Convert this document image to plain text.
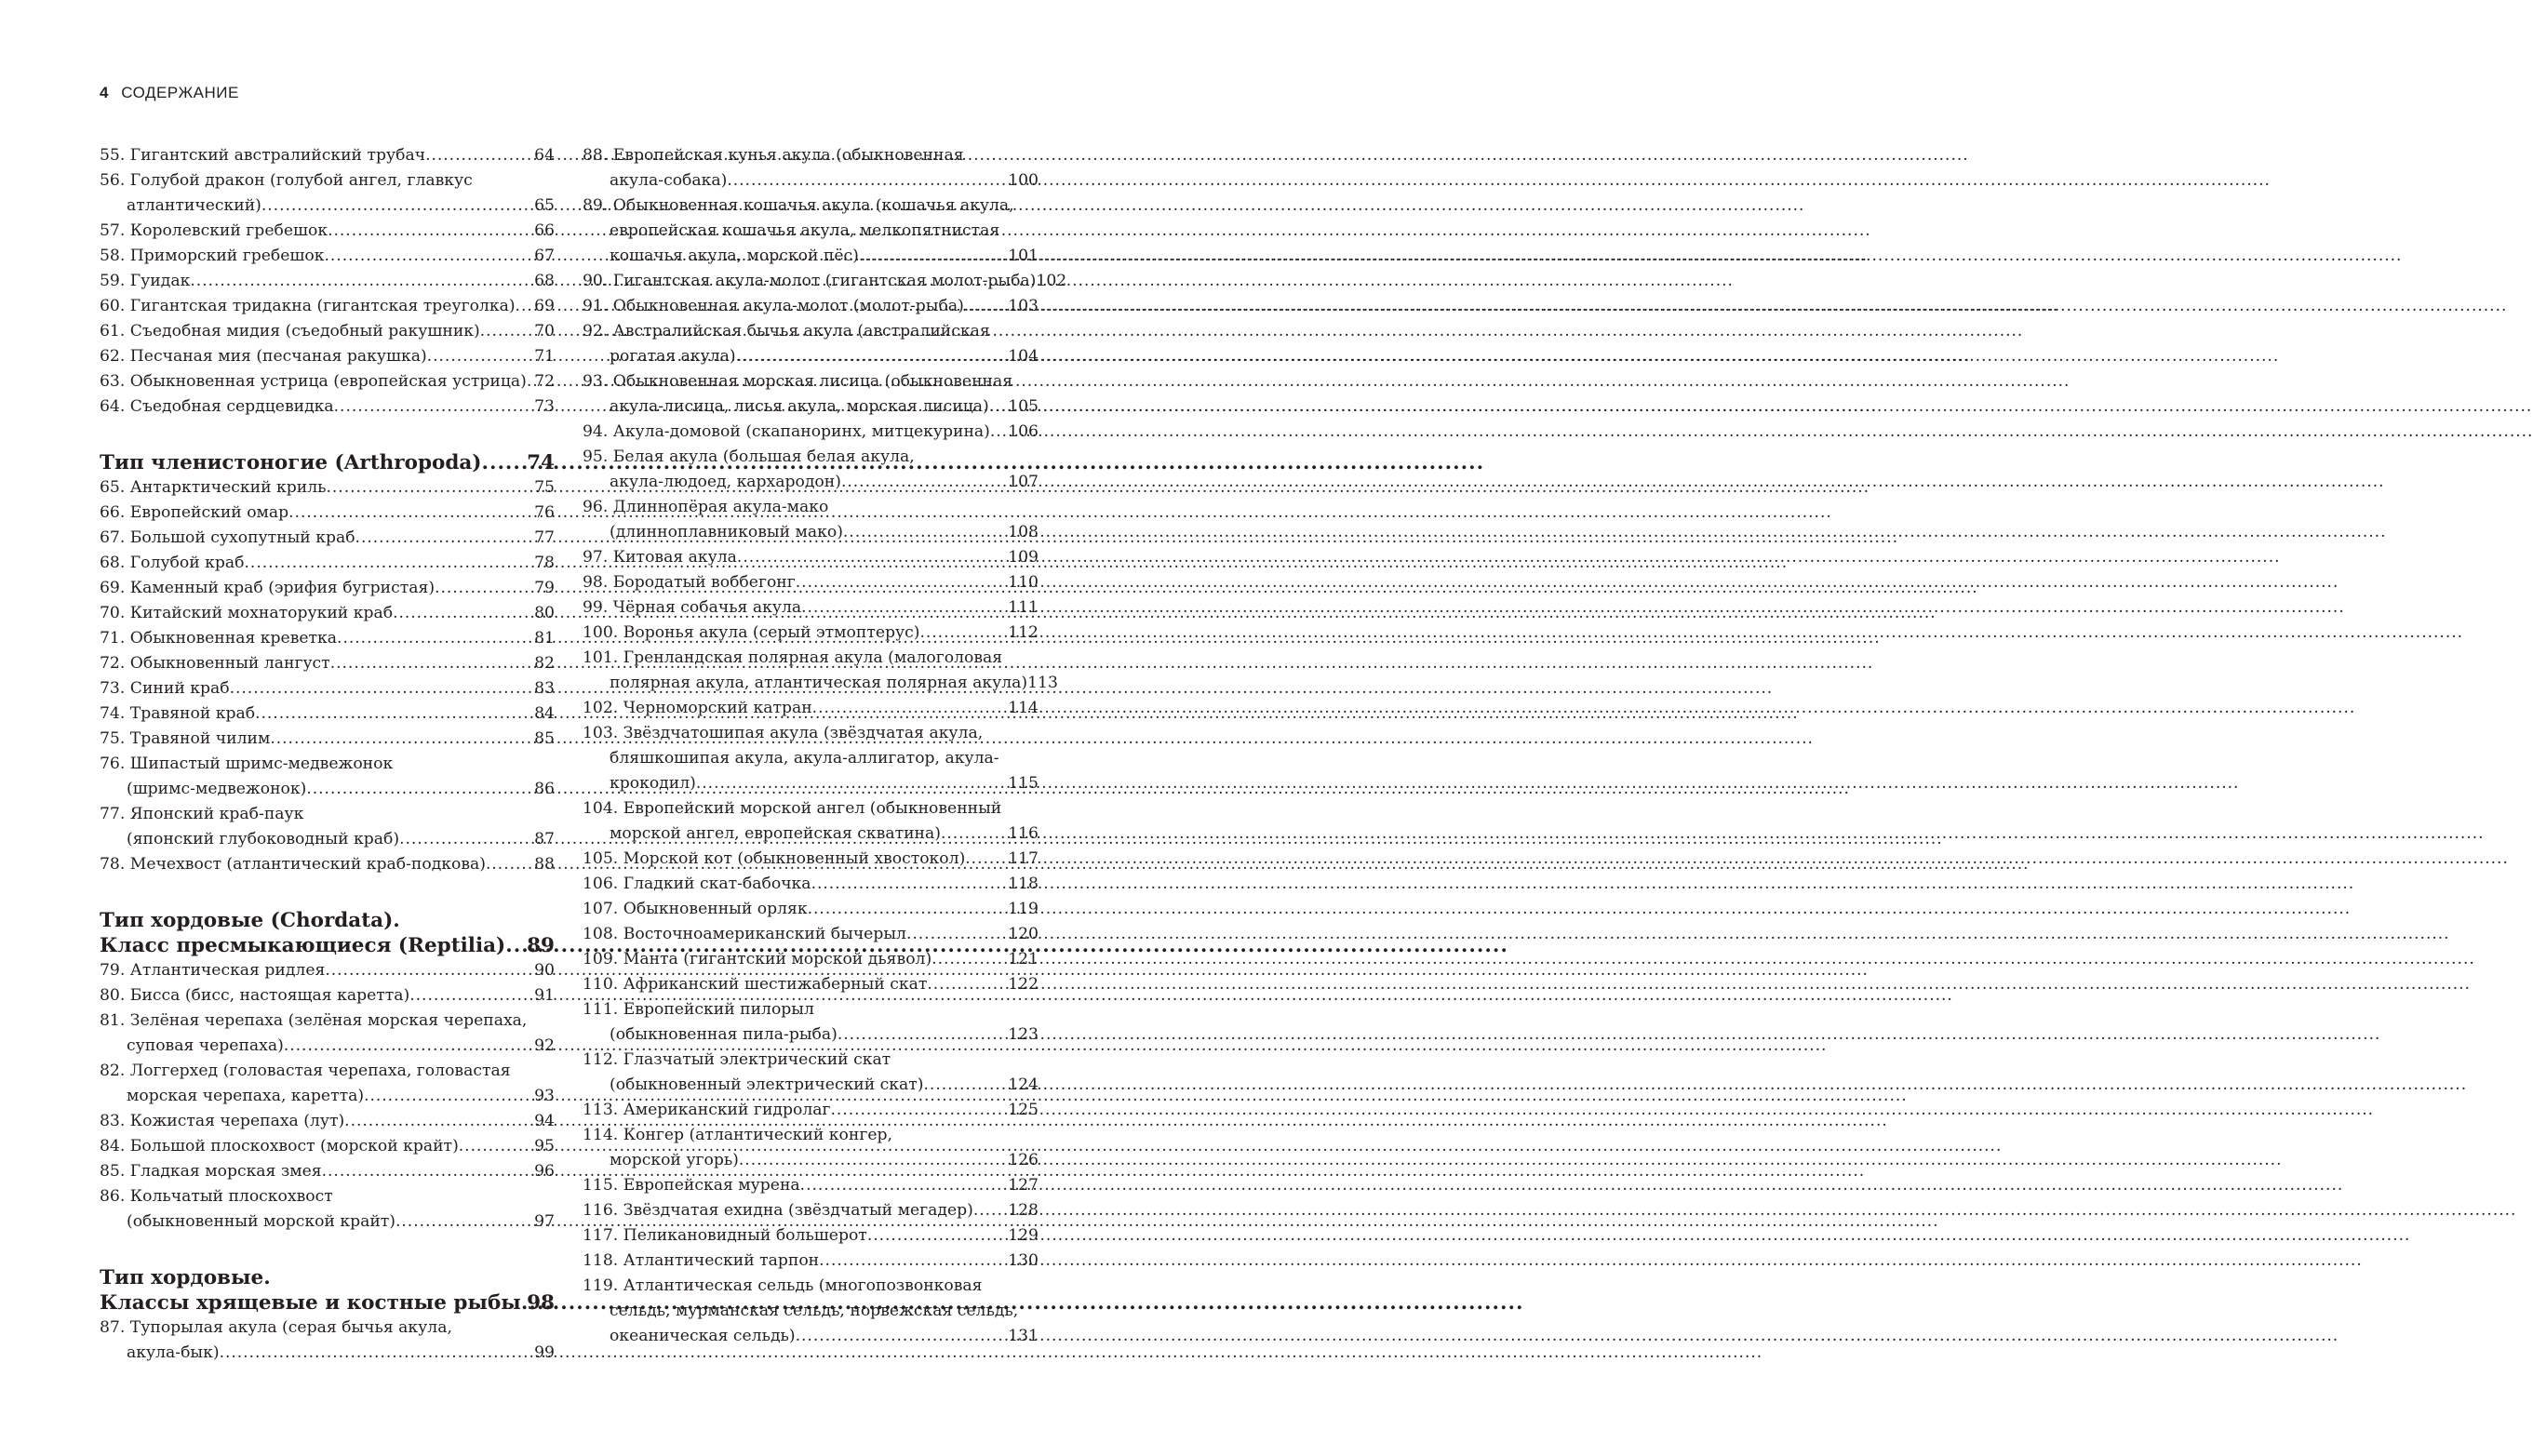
4 СОДЕРЖАНИЕ
55. Гигантский австралийский трубач .....	64
56. Голубой дракон (голубой ангел, главкус
атлантический) .....	65
57. Королевский гребешок .....	66
58. Приморский гребешок .....	67
59. Гуидак .....	68
60. Гигантская тридакна (гигантская треуголка) ..... 69
61. Съедобная мидия (съедобный ракушник) .....	70
62. Песчаная мия (песчаная ракушка) .....	71
63. Обыкновенная устрица (европейская устрица) ..... 72
64. Съедобная сердцевидка .....	73
Тип членистоногие (Arthropoda) ..... 74
65. Антарктический криль .....	75
66. Европейский омар .....	76
67. Большой сухопутный краб .....	77
68. Голубой краб .....	78
69. Каменный краб (эрифия бугристая) .....	79
70. Китайский мохнаторукий краб .....	80
71. Обыкновенная креветка .....	81
72. Обыкновенный лангуст .....	82
73. Синий краб .....	83
74. Травяной краб .....	84
75. Травяной чилим .....	85
76. Шипастый шримс-медвежонок
(шримс-медвежонок) .....	86
77. Японский краб-паук
(японский глубоководный краб) .....	87
78. Мечехвост (атлантический краб-подкова) .....	88
Тип хордовые (Chordata).
Класс пресмыкающиеся (Reptilia) ..... 89
79. Атлантическая ридлея .....	90
80. Бисса (бисс, настоящая каретта) .....	91
81. Зелёная черепаха (зелёная морская черепаха,
суповая черепаха) .....	92
82. Логгерхед (головастая черепаха, головастая
морская черепаха, каретта) .....	93
83. Кожистая черепаха (лут) .....	94
84. Большой плоскохвост (морской крайт) .....	95
85. Гладкая морская змея .....	96
86. Кольчатый плоскохвост
(обыкновенный морской крайт) .....	97
Тип хордовые.
Классы хрящевые и костные рыбы ..... 98
87. Тупорылая акула (серая бычья акула,
акула-бык) .....	99
88. Европейская кунья акула (обыкновенная
акула-собака) .....	100
89. Обыкновенная кошачья акула (кошачья акула,
европейская кошачья акула, мелкопятнистая
кошачья акула, морской пёс) .....	101
90. Гигантская акула-молот (гигантская молот-рыба) 102
91. Обыкновенная акула-молот (молот-рыба) .....	103
92. Австралийская бычья акула (австралийская
рогатая акула) .....	104
93. Обыкновенная морская лисица (обыкновенная
акула-лисица, лисья акула, морская лисица) ..... 105
94. Акула-домовой (скапаноринх, митцекурина) ..... 106
95. Белая акула (большая белая акула,
акула-людоед, кархародон) .....	107
96. Длиннопёрая акула-мако
(длинноплавниковый мако) .....	108
97. Китовая акула .....	109
98. Бородатый воббегонг .....	110
99. Чёрная собачья акула .....	111
100. Воронья акула (серый этмоптерус) .....	112
101. Гренландская полярная акула (малоголовая
полярная акула, атлантическая полярная акула) 113
102. Черноморский катран .....	114
103. Звёздчатошипая акула (звёздчатая акула,
бляшкошипая акула, акула-аллигатор, акула-
крокодил) .....	115
104. Европейский морской ангел (обыкновенный
морской ангел, европейская скватина) .....	116
105. Морской кот (обыкновенный хвостокол) .....	117
106. Гладкий скат-бабочка .....	118
107. Обыкновенный орляк .....	119
108. Восточноамериканский бычерыл .....	120
109. Манта (гигантский морской дьявол) .....	121
110. Африканский шестижаберный скат .....	122
111. Европейский пилорыл
(обыкновенная пила-рыба) .....	123
112. Глазчатый электрический скат
(обыкновенный электрический скат) .....	124
113. Американский гидролаг .....	125
114. Конгер (атлантический конгер,
морской угорь) .....	126
115. Европейская мурена .....	127
116. Звёздчатая ехидна (звёздчатый мегадер) ..... 128
117. Пеликановидный большерот .....	129
118. Атлантический тарпон .....	130
119. Атлантическая сельдь (многопозвонковая
сельдь, мурманская сельдь, норвежская сельдь,
океаническая сельдь) .....	131
